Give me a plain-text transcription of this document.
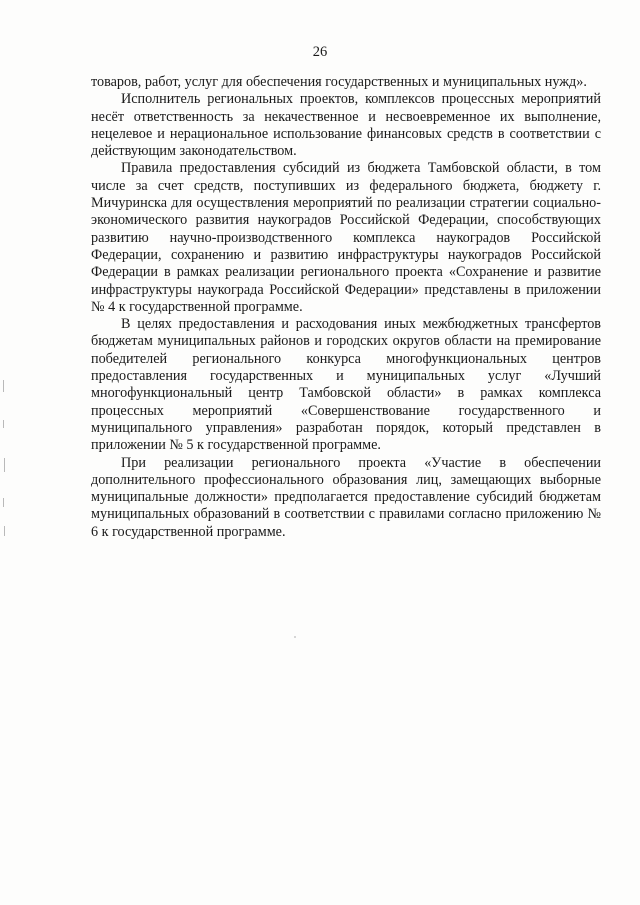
26

товаров, работ, услуг для обеспечения государственных и муниципальных нужд».

Исполнитель региональных проектов, комплексов процессных мероприятий несёт ответственность за некачественное и несвоевременное их выполнение, нецелевое и нерациональное использование финансовых средств в соответствии с действующим законодательством.

Правила предоставления субсидий из бюджета Тамбовской области, в том числе за счет средств, поступивших из федерального бюджета, бюджету г. Мичуринска для осуществления мероприятий по реализации стратегии социально-экономического развития наукоградов Российской Федерации, способствующих развитию научно-производственного комплекса наукоградов Российской Федерации, сохранению и развитию инфраструктуры наукоградов Российской Федерации в рамках реализации регионального проекта «Сохранение и развитие инфраструктуры наукограда Российской Федерации» представлены в приложении № 4 к государственной программе.

В целях предоставления и расходования иных межбюджетных трансфертов бюджетам муниципальных районов и городских округов области на премирование победителей регионального конкурса многофункциональных центров предоставления государственных и муниципальных услуг «Лучший многофункциональный центр Тамбовской области» в рамках комплекса процессных мероприятий «Совершенствование государственного и муниципального управления» разработан порядок, который представлен в приложении № 5 к государственной программе.

При реализации регионального проекта «Участие в обеспечении дополнительного профессионального образования лиц, замещающих выборные муниципальные должности» предполагается предоставление субсидий бюджетам муниципальных образований в соответствии с правилами согласно приложению № 6 к государственной программе.
